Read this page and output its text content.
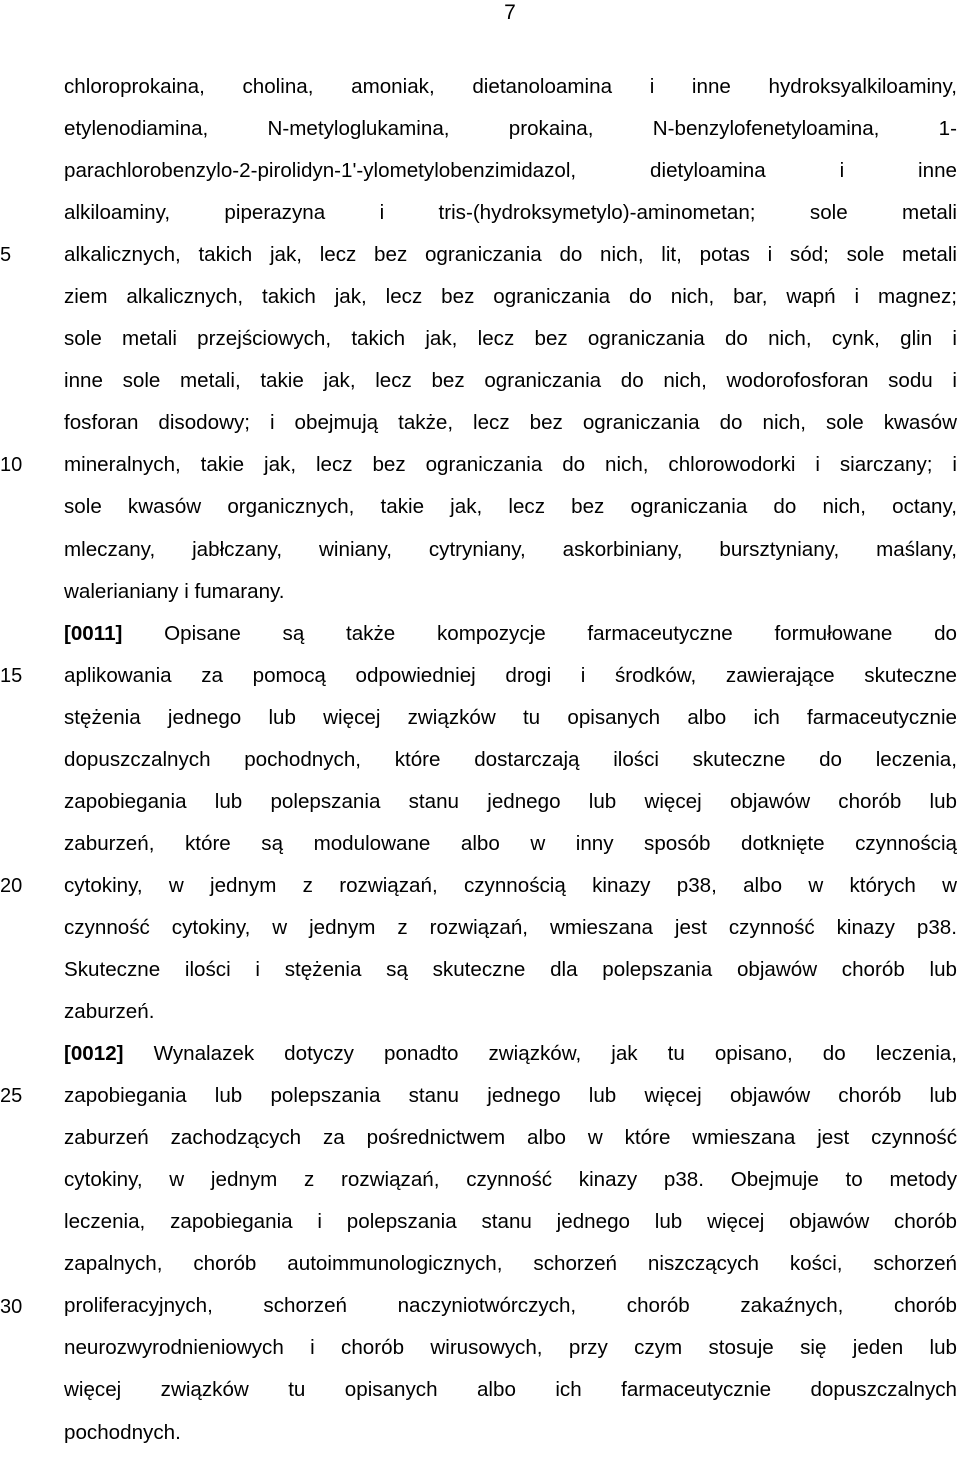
7
5
10
15
20
25
30
chloroprokaina, cholina, amoniak, dietanoloamina i inne hydroksyalkiloaminy,
etylenodiamina, N-metyloglukamina, prokaina, N-benzylofenetyloamina, 1-
parachlorobenzylo-2-pirolidyn-1'-ylometylobenzimidazol, dietyloamina i inne
alkiloaminy, piperazyna i tris-(hydroksymetylo)-aminometan; sole metali
alkalicznych, takich jak, lecz bez ograniczania do nich, lit, potas i sód; sole metali
ziem alkalicznych, takich jak, lecz bez ograniczania do nich, bar, wapń i magnez;
sole metali przejściowych, takich jak, lecz bez ograniczania do nich, cynk, glin i
inne sole metali, takie jak, lecz bez ograniczania do nich, wodorofosforan sodu i
fosforan disodowy; i obejmują także, lecz bez ograniczania do nich, sole kwasów
mineralnych, takie jak, lecz bez ograniczania do nich, chlorowodorki i siarczany; i
sole kwasów organicznych, takie jak, lecz bez ograniczania do nich, octany,
mleczany, jabłczany, winiany, cytryniany, askorbiniany, bursztyniany, maślany,
walerianiany i fumarany.
[0011] Opisane są także kompozycje farmaceutyczne formułowane do
aplikowania za pomocą odpowiedniej drogi i środków, zawierające skuteczne
stężenia jednego lub więcej związków tu opisanych albo ich farmaceutycznie
dopuszczalnych pochodnych, które dostarczają ilości skuteczne do leczenia,
zapobiegania lub polepszania stanu jednego lub więcej objawów chorób lub
zaburzeń, które są modulowane albo w inny sposób dotknięte czynnością
cytokiny, w jednym z rozwiązań, czynnością kinazy p38, albo w których w
czynność cytokiny, w jednym z rozwiązań, wmieszana jest czynność kinazy p38.
Skuteczne ilości i stężenia są skuteczne dla polepszania objawów chorób lub
zaburzeń.
[0012] Wynalazek dotyczy ponadto związków, jak tu opisano, do leczenia,
zapobiegania lub polepszania stanu jednego lub więcej objawów chorób lub
zaburzeń zachodzących za pośrednictwem albo w które wmieszana jest czynność
cytokiny, w jednym z rozwiązań, czynność kinazy p38. Obejmuje to metody
leczenia, zapobiegania i polepszania stanu jednego lub więcej objawów chorób
zapalnych, chorób autoimmunologicznych, schorzeń niszczących kości, schorzeń
proliferacyjnych, schorzeń naczyniotwórczych, chorób zakaźnych, chorób
neurozwyrodnieniowych i chorób wirusowych, przy czym stosuje się jeden lub
więcej związków tu opisanych albo ich farmaceutycznie dopuszczalnych
pochodnych.
